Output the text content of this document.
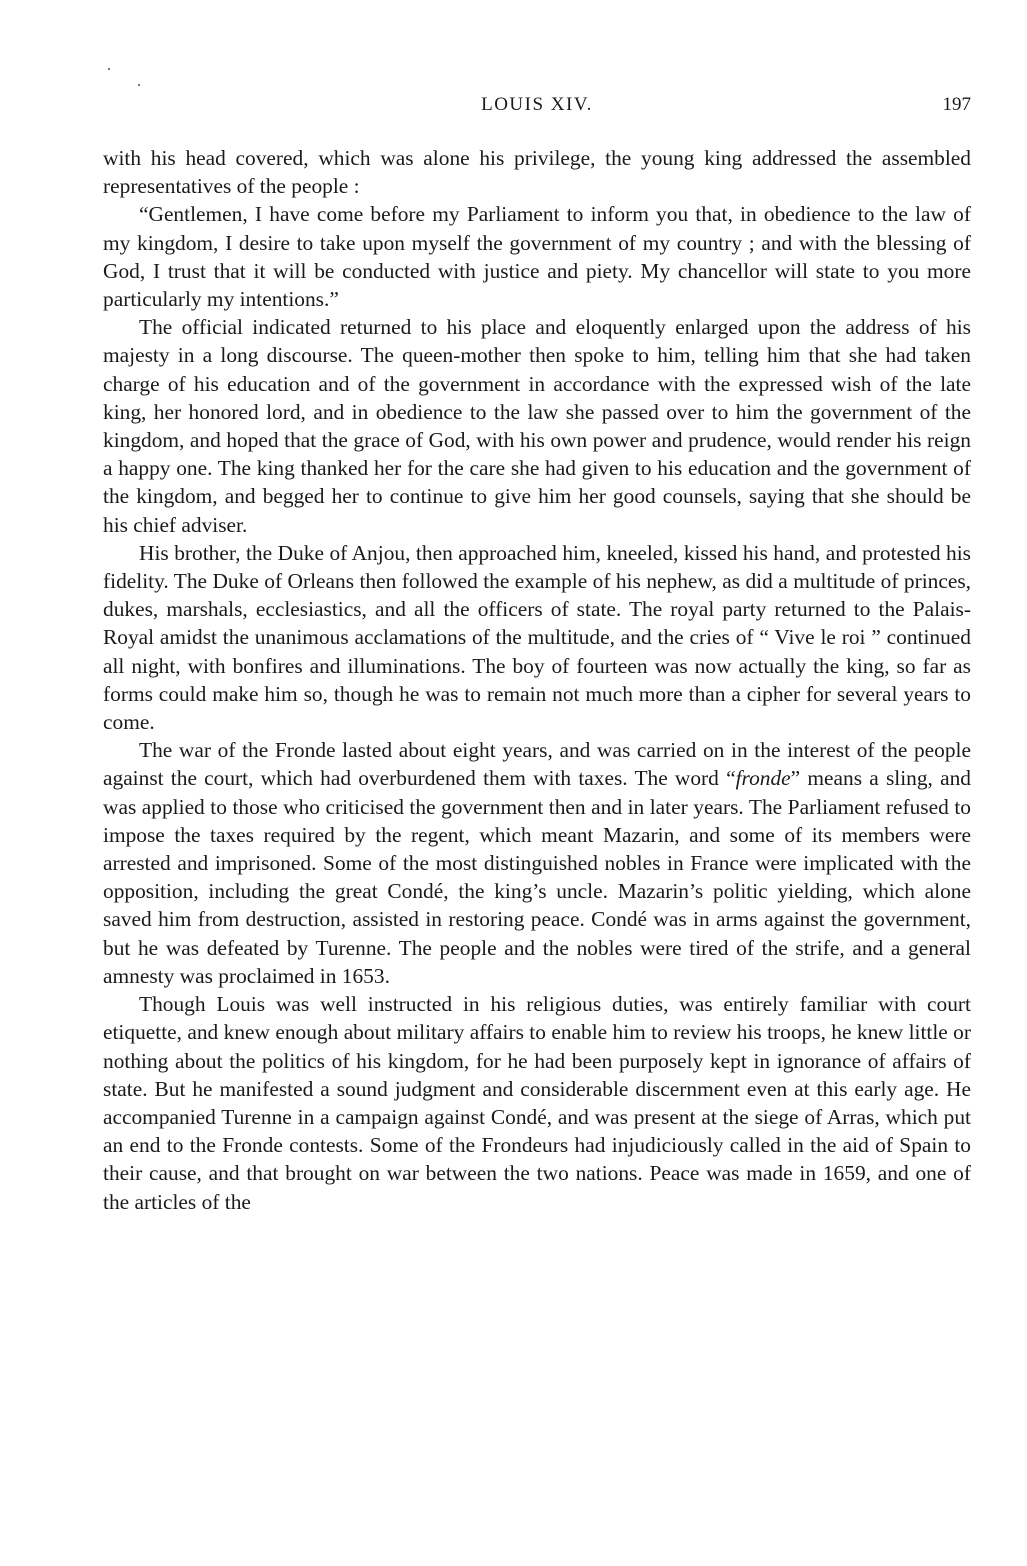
LOUIS XIV.	197

with his head covered, which was alone his privilege, the young king addressed the assembled representatives of the people :

“Gentlemen, I have come before my Parliament to inform you that, in obedience to the law of my kingdom, I desire to take upon myself the government of my country ; and with the blessing of God, I trust that it will be conducted with justice and piety. My chancellor will state to you more particularly my intentions.”

The official indicated returned to his place and eloquently enlarged upon the address of his majesty in a long discourse. The queen-mother then spoke to him, telling him that she had taken charge of his education and of the government in accordance with the expressed wish of the late king, her honored lord, and in obedience to the law she passed over to him the government of the kingdom, and hoped that the grace of God, with his own power and prudence, would render his reign a happy one. The king thanked her for the care she had given to his education and the government of the kingdom, and begged her to continue to give him her good counsels, saying that she should be his chief adviser.

His brother, the Duke of Anjou, then approached him, kneeled, kissed his hand, and protested his fidelity. The Duke of Orleans then followed the example of his nephew, as did a multitude of princes, dukes, marshals, ecclesiastics, and all the officers of state. The royal party returned to the Palais-Royal amidst the unanimous acclamations of the multitude, and the cries of “ Vive le roi ” continued all night, with bonfires and illuminations. The boy of fourteen was now actually the king, so far as forms could make him so, though he was to remain not much more than a cipher for several years to come.

The war of the Fronde lasted about eight years, and was carried on in the interest of the people against the court, which had overburdened them with taxes. The word “fronde” means a sling, and was applied to those who criticised the government then and in later years. The Parliament refused to impose the taxes required by the regent, which meant Mazarin, and some of its members were arrested and imprisoned. Some of the most distinguished nobles in France were implicated with the opposition, including the great Condé, the king’s uncle. Mazarin’s politic yielding, which alone saved him from destruction, assisted in restoring peace. Condé was in arms against the government, but he was defeated by Turenne. The people and the nobles were tired of the strife, and a general amnesty was proclaimed in 1653.

Though Louis was well instructed in his religious duties, was entirely familiar with court etiquette, and knew enough about military affairs to enable him to review his troops, he knew little or nothing about the politics of his kingdom, for he had been purposely kept in ignorance of affairs of state. But he manifested a sound judgment and considerable discernment even at this early age. He accompanied Turenne in a campaign against Condé, and was present at the siege of Arras, which put an end to the Fronde contests. Some of the Frondeurs had injudiciously called in the aid of Spain to their cause, and that brought on war between the two nations. Peace was made in 1659, and one of the articles of the
